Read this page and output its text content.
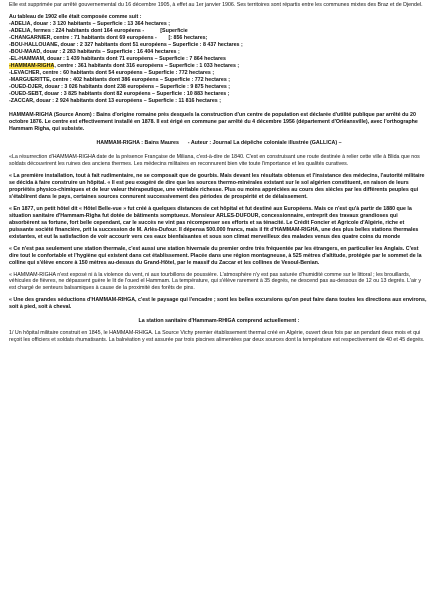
Elle est supprimée par arrêté gouvernemental du 16 décembre 1905, à effet au 1er janvier 1906. Ses territoires sont répartis entre les communes mixtes des Braz et de Djendel.

Au tableau de 1902 elle était composée comme suit :

-ADELIA, douar : 3 120 habitants – Superficie : 13 364 hectares ;
-ADELIA, fermes : 224 habitants dont 164 européens -           [Superficie
-CHANGARNIER, centre : 71 habitants dont 69 européens -        [: 856 hectares;
-BOU-HALLOUANE, douar : 2 327 habitants dont 51 européens – Superficie : 8 437 hectares ;
-BOU-MAAD, douar : 2 283 habitants – Superficie : 16 404 hectares ;
-EL-HAMMAM, douar : 1 439 habitants dont 71 européens – Superficie : 7 864 hectares
-HAMMAM-RIGHA, centre : 361 habitants dont 316 européens – Superficie : 1 033 hectares ;
-LEVACHER, centre : 60 habitants dont 54 européens – Superficie : 772 hectares ;
-MARGUERITTE, centre : 402 habitants dont 386 européens – Superficie : 772 hectares ;
-OUED-DJER, douar : 3 026 habitants dont 238 européens – Superficie : 9 875 hectares ;
-OUED-SEBT, douar : 3 825 habitants dont 82 européens – Superficie : 10 883 hectares ;
-ZACCAR, douar : 2 924 habitants dont 13 européens – Superficie : 11 816 hectares ;

HAMMAM-RIGHA (Source Anom) : Bains d'origine romaine près desquels la construction d'un centre de population est déclarée d'utilité publique par arrêté du 20 octobre 1876. Le centre est effectivement installé en 1878. Il est érigé en commune par arrêté du 4 décembre 1956 (département d'Orléansville), avec l'orthographe Hammam Righa, qui subsiste.

HAMMAM-RIGHA : Bains Maures - Auteur : Journal La dépêche coloniale illustrée (GALLICA) –

«La résurrection d'HAMMAM-RIGHA date de la présence Française de Miliana, c'est-à-dire de 1840. C'est en construisant une route destinée à relier cette ville à Blida que nos soldats découvrirent les ruines des anciens thermes. Les médecins militaires en reconnurent bien vite toute l'importance et les qualités curatives.

« La première installation, tout à fait rudimentaire, ne se composait que de gourbis. Mais devant les résultats obtenus et l'insistance des médecins, l'autorité militaire se décida à faire construire un hôpital. « Il est peu exagéré de dire que les sources thermo-minérales existant sur le sol algérien constituent, en raison de leurs propriétés physico-chimiques et de leur valeur thérapeutique, une véritable richesse. Plus ou moins appréciées au cours des siècles par les différents peuples qui s'établirent dans le pays, certaines sources connurent successivement des périodes de prospérité et de délaissement.

« En 1877, un petit hôtel dit « Hôtel Belle-vue » fut créé à quelques distances de cet hôpital et fut destiné aux Européens. Mais ce n'est qu'à partir de 1880 que la situation sanitaire d'Hammam-Righa fut dotée de bâtiments somptueux. Monsieur ARLES-DUFOUR, concessionnaire, entreprit des travaux grandioses qui absorbèrent sa fortune, fort belle cependant, car le succès ne vint pas récompenser ses efforts et sa ténacité. Le Crédit Foncier et Agricole d'Algérie, riche et puissante société financière, prit la succession de M. Arlès-Dufour. Il dépensa 500.000 francs, mais il fit d'HAMMAM-RIGHA, une des plus belles stations thermales existantes, et eut la satisfaction de voir accourir vers ces eaux bienfaisantes et sous son climat merveilleux des malades venus des quatre coins du monde

« Ce n'est pas seulement une station thermale, c'est aussi une station hivernale du premier ordre très fréquentée par les étrangers, en particulier les Anglais. C'est dire tout le confortable et l'hygiène qui existent dans cet établissement. Placée dans une région montagneuse, à 525 mètres d'altitude, protégée par le sommet de la colline qui s'élève encore à 150 mètres au-dessus du Grand-Hôtel, par le massif du Zaccar et les collines de Vesoul-Benian.

« HAMMAM-RIGHA n'est exposé ni à la violence du vent, ni aux tourbillons de poussière. L'atmosphère n'y est pas saturée d'humidité comme sur le littoral ; les brouillards, véhicules de fièvres, ne dépassent guère le lit de l'oued el Hammam. La température, qui s'élève rarement à 35 degrés, ne descend pas au-dessous de 12 ou 13 degrés. L'air y est chargé de senteurs balsamiques à cause de la proximité des forêts de pins.

« Une des grandes séductions d'HAMMAM-RIHGA, c'est le paysage qui l'encadre ; sont les belles excursions qu'on peut faire dans toutes les directions aux environs, soit à pied, soit à cheval.

La station sanitaire d'Hammam-RHIGA comprend actuellement :

1/ Un hôpital militaire construit en 1845, le HAMMAM-RHIGA. La Source Vichy premier établissement thermal créé en Algérie, ouvert deux fois par an pendant deux mois et qui reçoit les officiers et soldats rhumatisants. La balnéation y est assurée par trois piscines alimentées par deux sources dont la température est respectivement de 40 et 45 degrés.
